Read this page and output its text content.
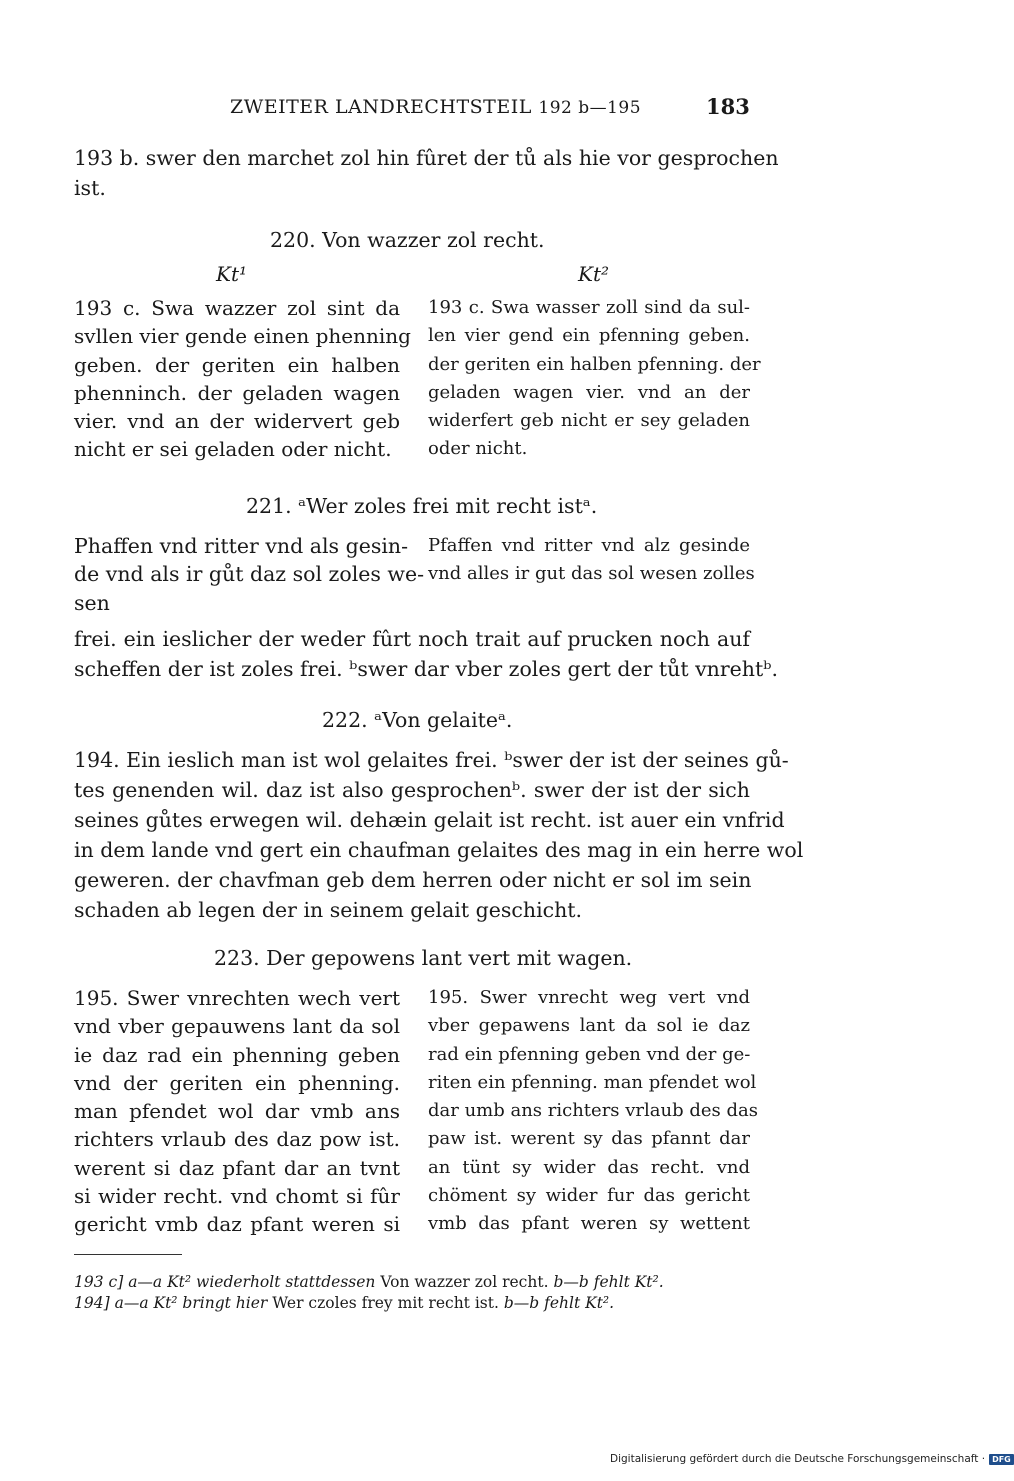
ZWEITER LANDRECHTSTEIL 192 b—195	183
193 b. swer den marchet zol hin fûret der tů als hie vor gesprochen
ist.
220. Von wazzer zol recht.
Kt¹	Kt²
193 c. Swa wazzer zol sint da
svllen vier gende einen phenning
geben. der geriten ein halben
phenninch. der geladen wagen
vier. vnd an der widervert geb
nicht er sei geladen oder nicht.
193 c. Swa wasser zoll sind da sul-
len vier gend ein pfenning geben.
der geriten ein halben pfenning. der
geladen wagen vier. vnd an der
widerfert geb nicht er sey geladen
oder nicht.
221. ᵃWer zoles frei mit recht istᵃ.
Phaffen vnd ritter vnd als gesin-
de vnd als ir gůt daz sol zoles we-
sen
Pfaffen vnd ritter vnd alz gesinde
vnd alles ir gut das sol wesen zolles
frei. ein ieslicher der weder fûrt noch trait auf prucken noch auf
scheffen der ist zoles frei. ᵇswer dar vber zoles gert der tůt vnrehtᵇ.
222. ᵃVon gelaiteᵃ.
194. Ein ieslich man ist wol gelaites frei. ᵇswer der ist der seines gů-
tes genenden wil. daz ist also gesprochenᵇ. swer der ist der sich
seines gůtes erwegen wil. dehæin gelait ist recht. ist auer ein vnfrid
in dem lande vnd gert ein chaufman gelaites des mag in ein herre wol
geweren. der chavfman geb dem herren oder nicht er sol im sein
schaden ab legen der in seinem gelait geschicht.
223. Der gepowens lant vert mit wagen.
195. Swer vnrechten wech vert
vnd vber gepauwens lant da sol
ie daz rad ein phenning geben
vnd der geriten ein phenning.
man pfendet wol dar vmb ans
richters vrlaub des daz pow ist.
werent si daz pfant dar an tvnt
si wider recht. vnd chomt si fûr
gericht vmb daz pfant weren si
195. Swer vnrecht weg vert vnd
vber gepawens lant da sol ie daz
rad ein pfenning geben vnd der ge-
riten ein pfenning. man pfendet wol
dar umb ans richters vrlaub des das
paw ist. werent sy das pfannt dar
an tünt sy wider das recht. vnd
chöment sy wider fur das gericht
vmb das pfant weren sy wettent
193 c] a—a Kt² wiederholt stattdessen Von wazzer zol recht. b—b fehlt Kt².
194] a—a Kt² bringt hier Wer czoles frey mit recht ist. b—b fehlt Kt².
Digitalisierung gefördert durch die Deutsche Forschungsgemeinschaft · DFG
